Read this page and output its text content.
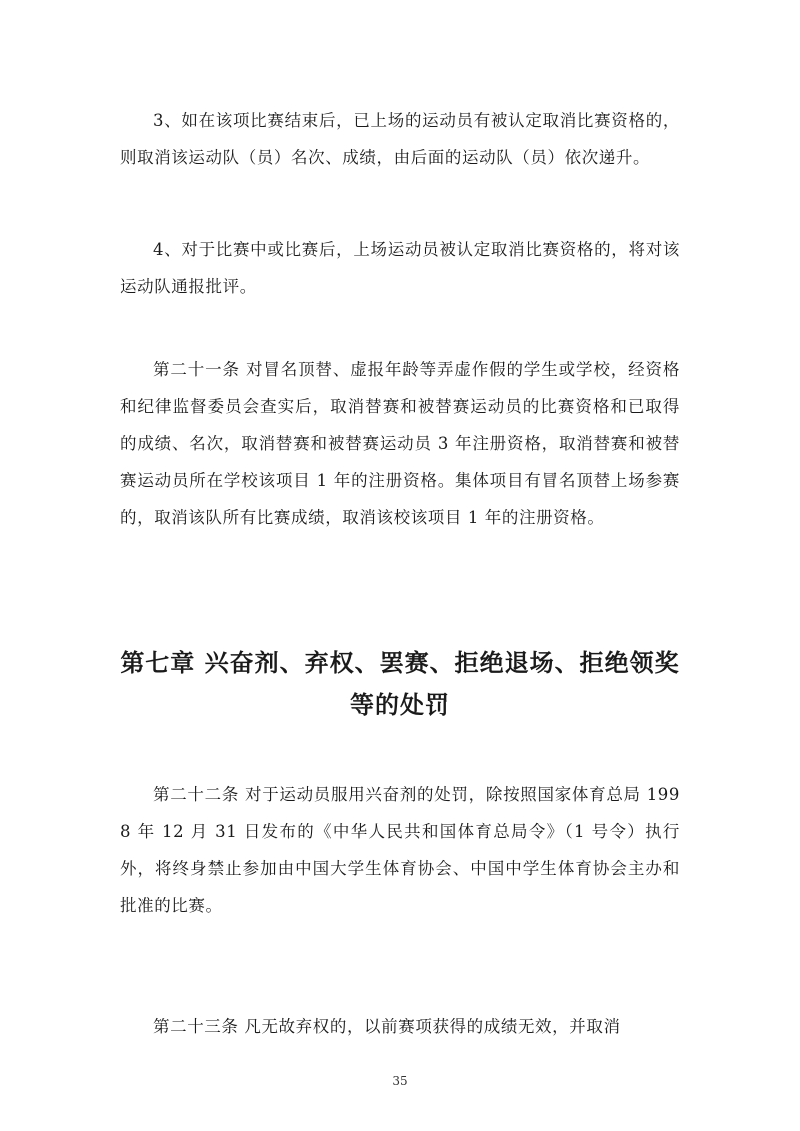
3、如在该项比赛结束后，已上场的运动员有被认定取消比赛资格的，则取消该运动队（员）名次、成绩，由后面的运动队（员）依次递升。

4、对于比赛中或比赛后，上场运动员被认定取消比赛资格的，将对该运动队通报批评。

第二十一条 对冒名顶替、虚报年龄等弄虚作假的学生或学校，经资格和纪律监督委员会查实后，取消替赛和被替赛运动员的比赛资格和已取得的成绩、名次，取消替赛和被替赛运动员 3 年注册资格，取消替赛和被替赛运动员所在学校该项目 1 年的注册资格。集体项目有冒名顶替上场参赛的，取消该队所有比赛成绩，取消该校该项目 1 年的注册资格。

第七章 兴奋剂、弃权、罢赛、拒绝退场、拒绝领奖等的处罚

第二十二条 对于运动员服用兴奋剂的处罚，除按照国家体育总局 1998 年 12 月 31 日发布的《中华人民共和国体育总局令》（1 号令）执行外，将终身禁止参加由中国大学生体育协会、中国中学生体育协会主办和批准的比赛。

第二十三条 凡无故弃权的，以前赛项获得的成绩无效，并取消

35
